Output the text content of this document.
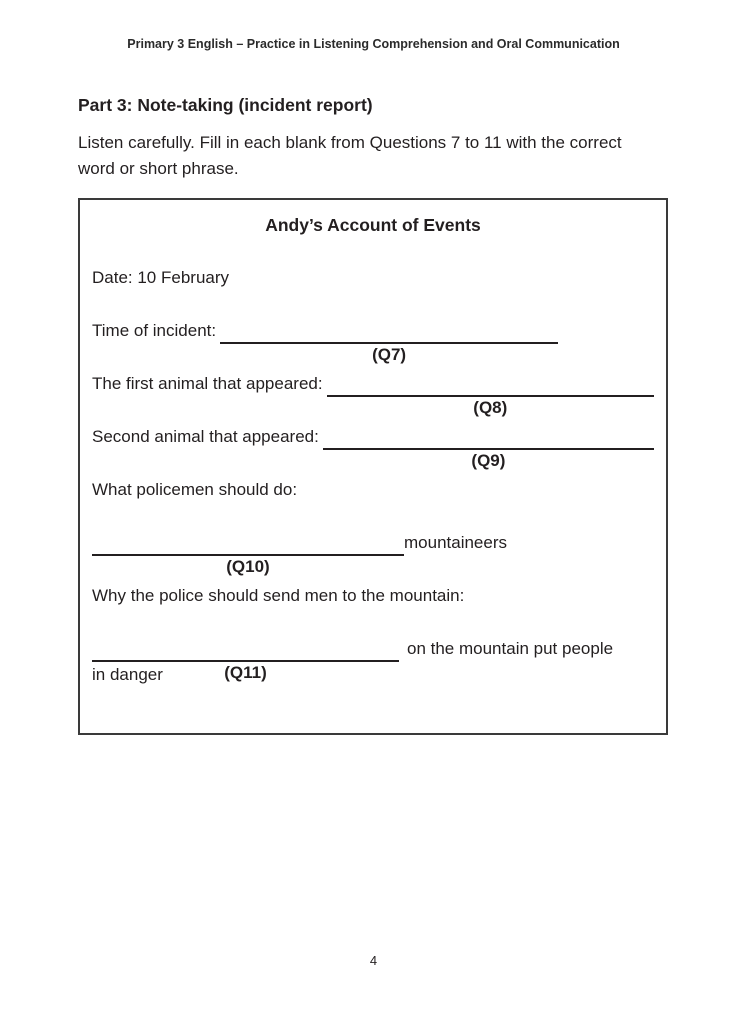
Primary 3 English – Practice in Listening Comprehension and Oral Communication
Part 3: Note-taking (incident report)
Listen carefully. Fill in each blank from Questions 7 to 11 with the correct
word or short phrase.
Andy’s Account of Events
Date: 10 February
Time of incident:
(Q7)
The first animal that appeared:
(Q8)
Second animal that appeared:
(Q9)
What policemen should do:
(Q10)
mountaineers
Why the police should send men to the mountain:
(Q11)
on the mountain put people
in danger
4
